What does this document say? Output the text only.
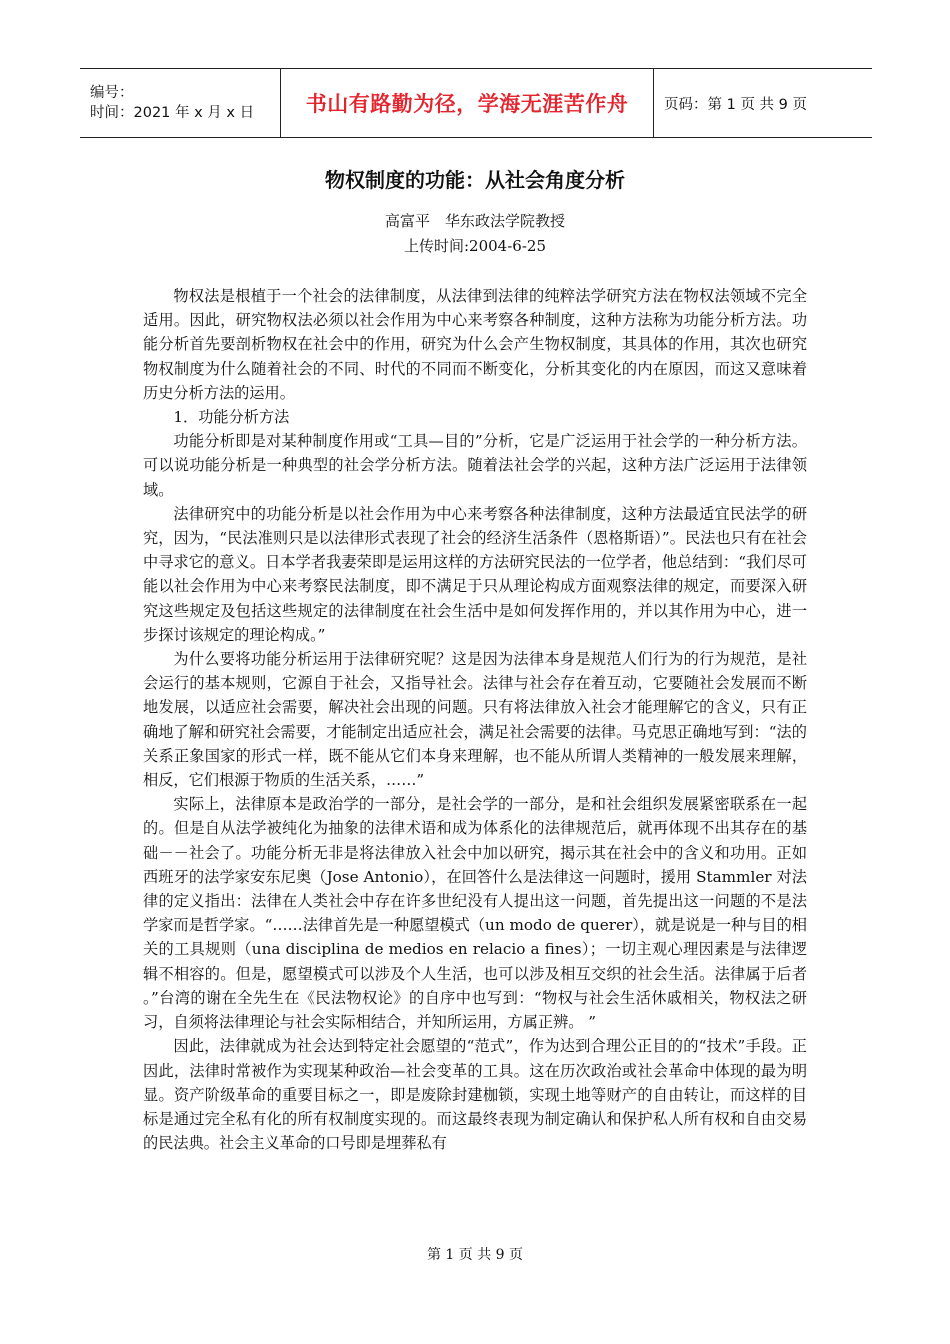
编号：
时间：2021 年 x 月 x 日	书山有路勤为径，学海无涯苦作舟 页码：第 1 页 共 9 页
物权制度的功能：从社会角度分析
高富平　华东政法学院教授
上传时间:2004-6-25

物权法是根植于一个社会的法律制度，从法律到法律的纯粹法学研究方法在物权法领域不完全适用。因此，研究物权法必须以社会作用为中心来考察各种制度，这种方法称为功能分析方法。功能分析首先要剖析物权在社会中的作用，研究为什么会产生物权制度，其具体的作用，其次也研究物权制度为什么随着社会的不同、时代的不同而不断变化，分析其变化的内在原因，而这又意味着历史分析方法的运用。

1．功能分析方法

功能分析即是对某种制度作用或“工具—目的”分析，它是广泛运用于社会学的一种分析方法。可以说功能分析是一种典型的社会学分析方法。随着法社会学的兴起，这种方法广泛运用于法律领域。

法律研究中的功能分析是以社会作用为中心来考察各种法律制度，这种方法最适宜民法学的研究，因为，“民法准则只是以法律形式表现了社会的经济生活条件（恩格斯语）”。民法也只有在社会中寻求它的意义。日本学者我妻荣即是运用这样的方法研究民法的一位学者，他总结到：“我们尽可能以社会作用为中心来考察民法制度，即不满足于只从理论构成方面观察法律的规定，而要深入研究这些规定及包括这些规定的法律制度在社会生活中是如何发挥作用的，并以其作用为中心，进一步探讨该规定的理论构成。”

为什么要将功能分析运用于法律研究呢？这是因为法律本身是规范人们行为的行为规范，是社会运行的基本规则，它源自于社会，又指导社会。法律与社会存在着互动，它要随社会发展而不断地发展，以适应社会需要，解决社会出现的问题。只有将法律放入社会才能理解它的含义，只有正确地了解和研究社会需要，才能制定出适应社会，满足社会需要的法律。马克思正确地写到：“法的关系正象国家的形式一样，既不能从它们本身来理解，也不能从所谓人类精神的一般发展来理解，相反，它们根源于物质的生活关系，……”

实际上，法律原本是政治学的一部分，是社会学的一部分，是和社会组织发展紧密联系在一起的。但是自从法学被纯化为抽象的法律术语和成为体系化的法律规范后，就再体现不出其存在的基础－－社会了。功能分析无非是将法律放入社会中加以研究，揭示其在社会中的含义和功用。正如西班牙的法学家安东尼奥（Jose Antonio），在回答什么是法律这一问题时，援用 Stammler 对法律的定义指出：法律在人类社会中存在许多世纪没有人提出这一问题，首先提出这一问题的不是法学家而是哲学家。“……法律首先是一种愿望模式（un modo de querer），就是说是一种与目的相关的工具规则（una disciplina de medios en relacio a fines）；一切主观心理因素是与法律逻辑不相容的。但是，愿望模式可以涉及个人生活，也可以涉及相互交织的社会生活。法律属于后者 。”台湾的谢在全先生在《民法物权论》的自序中也写到：“物权与社会生活休戚相关，物权法之研习，自须将法律理论与社会实际相结合，并知所运用，方属正辨。 ”

因此，法律就成为社会达到特定社会愿望的“范式”，作为达到合理公正目的的“技术”手段。正因此，法律时常被作为实现某种政治—社会变革的工具。这在历次政治或社会革命中体现的最为明显。资产阶级革命的重要目标之一，即是废除封建枷锁，实现土地等财产的自由转让，而这样的目标是通过完全私有化的所有权制度实现的。而这最终表现为制定确认和保护私人所有权和自由交易的民法典。社会主义革命的口号即是埋葬私有

第 1 页 共 9 页
